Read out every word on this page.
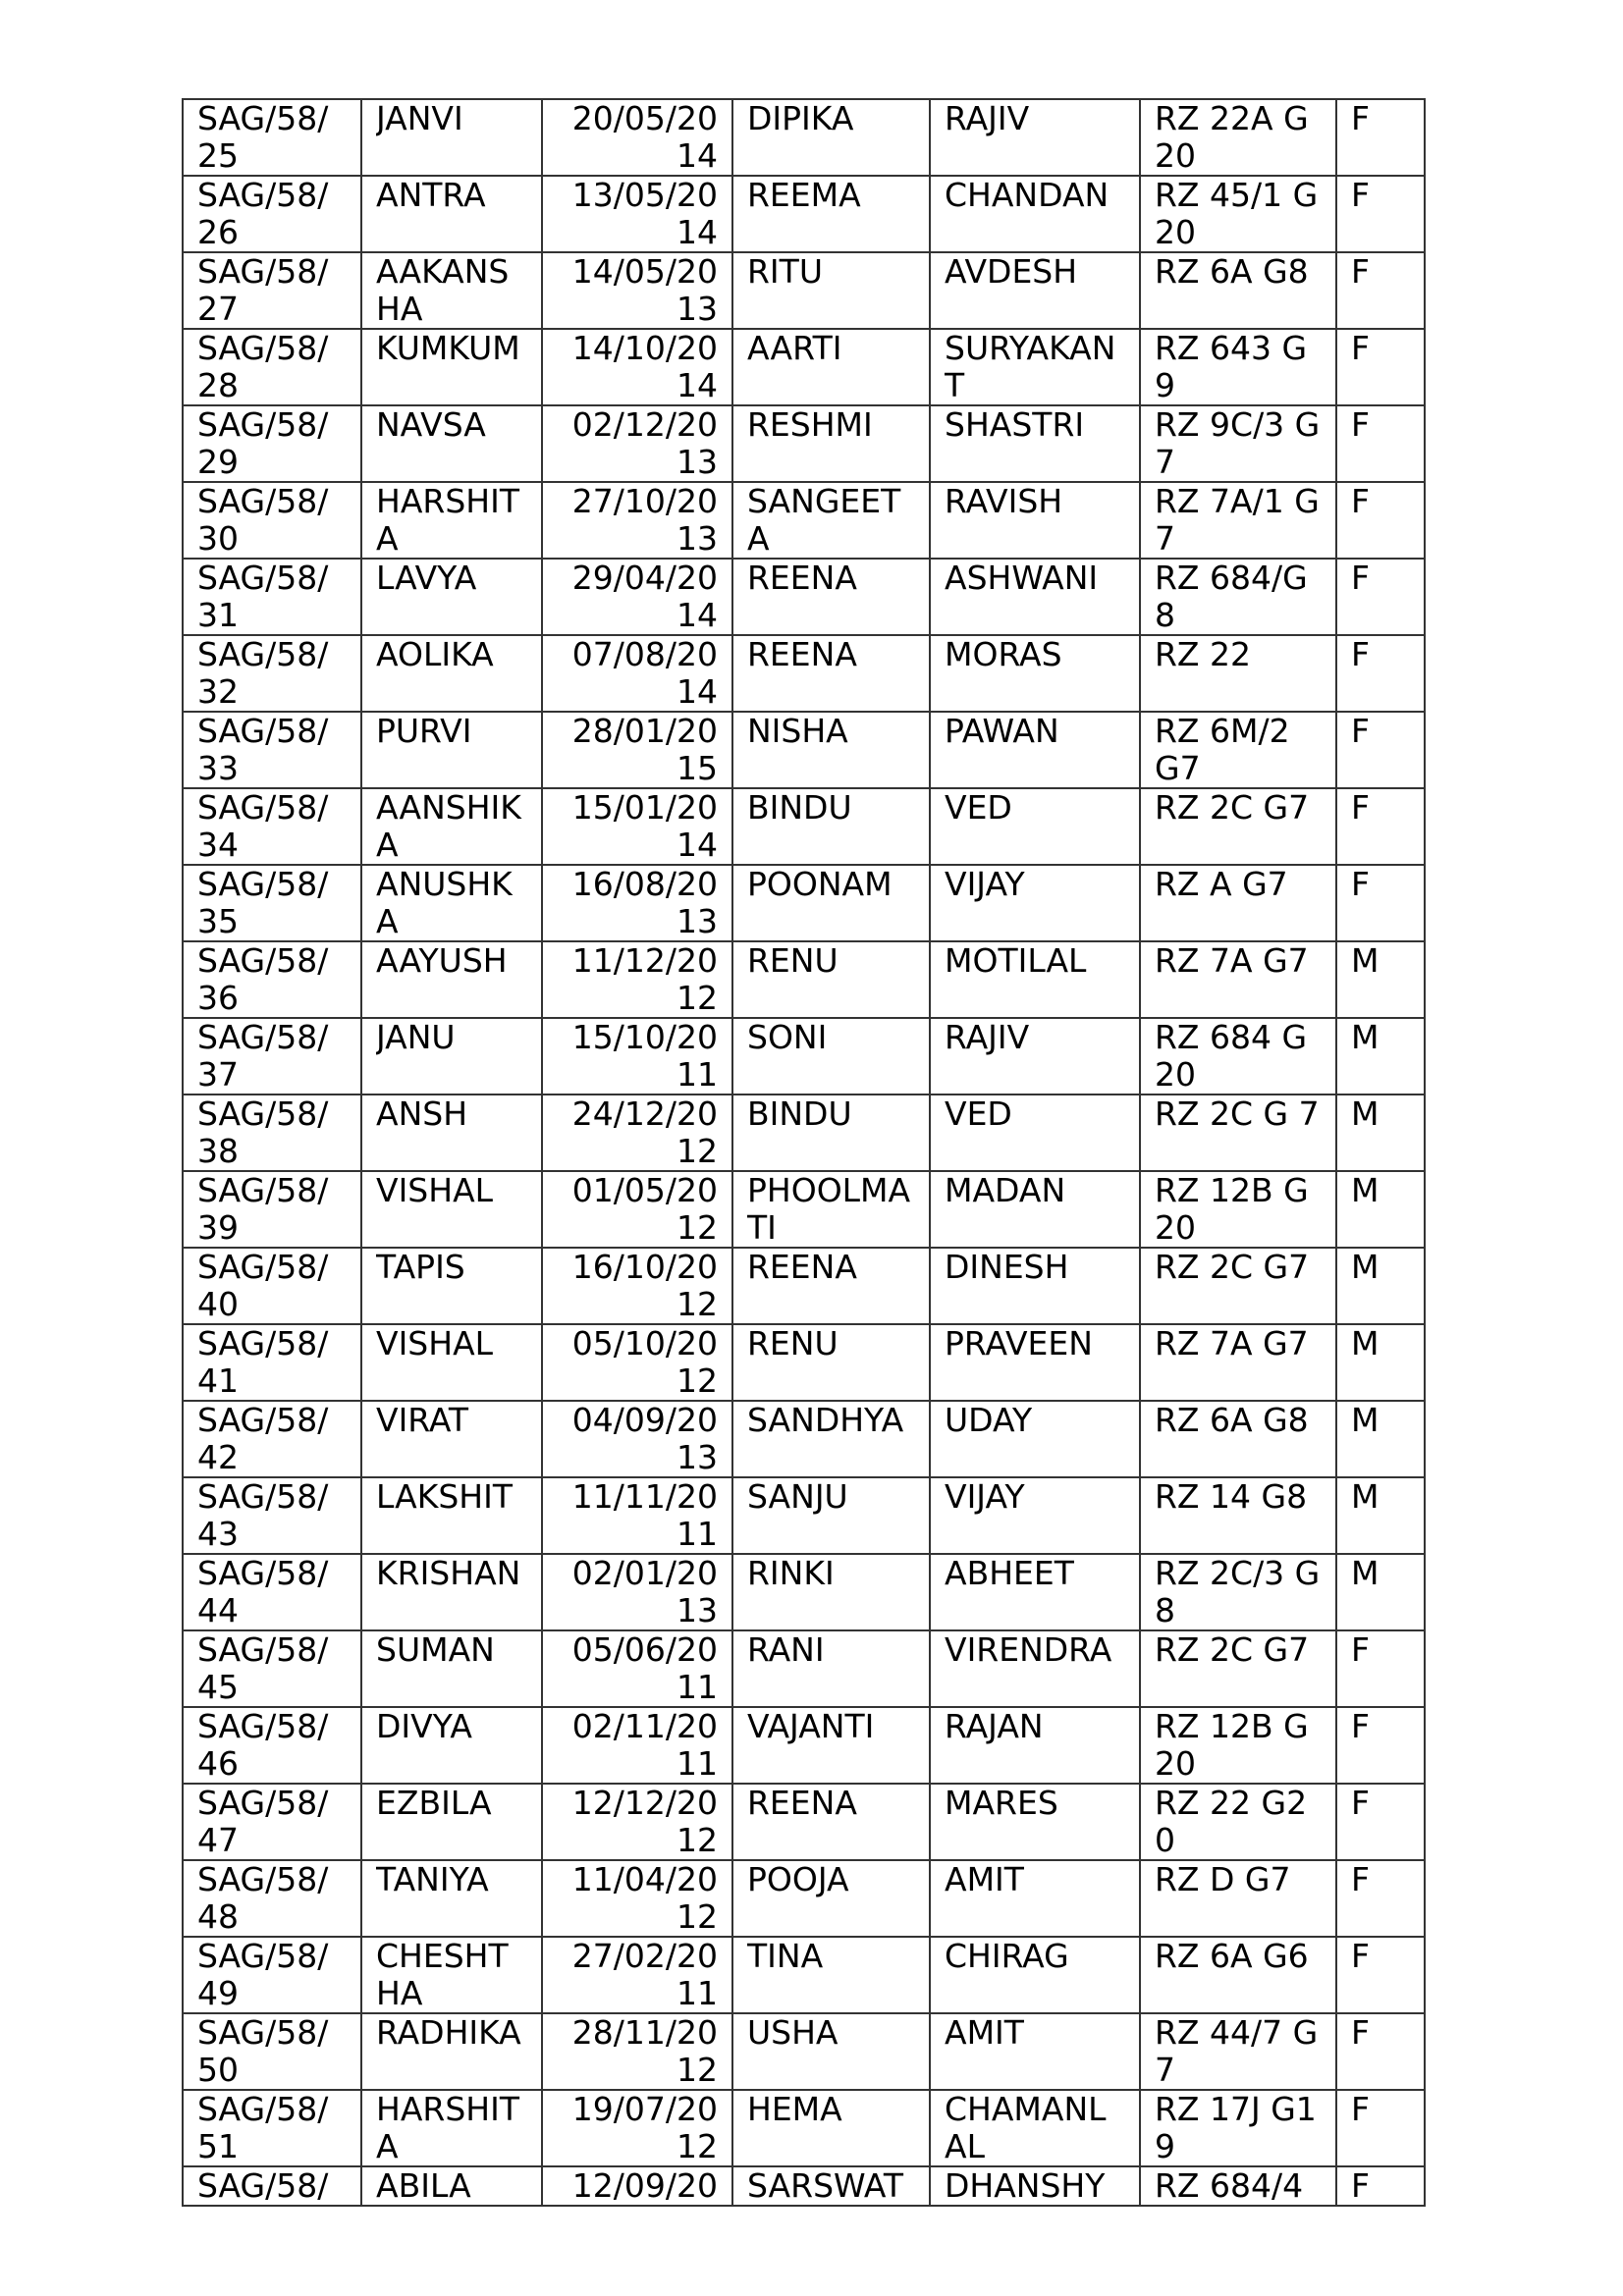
SAG/58/25	JANVI	20/05/2014	DIPIKA	RAJIV	RZ 22A G20	F

SAG/58/26	ANTRA	13/05/2014	REEMA	CHANDAN	RZ 45/1 G20	F

SAG/58/27	AAKANSHA	14/05/2013	RITU	AVDESH	RZ 6A G8	F

SAG/58/28	KUMKUM	14/10/2014	AARTI	SURYAKANT	RZ 643 G9	F

SAG/58/29	NAVSA	02/12/2013	RESHMI	SHASTRI	RZ 9C/3 G7	F

SAG/58/30	HARSHITA	27/10/2013	SANGEETA	RAVISH	RZ 7A/1 G7	F

SAG/58/31	LAVYA	29/04/2014	REENA	ASHWANI	RZ 684/G8	F

SAG/58/32	AOLIKA	07/08/2014	REENA	MORAS	RZ 22	F

SAG/58/33	PURVI	28/01/2015	NISHA	PAWAN	RZ 6M/2 G7	F

SAG/58/34	AANSHIKA	15/01/2014	BINDU	VED	RZ 2C G7	F

SAG/58/35	ANUSHKA	16/08/2013	POONAM	VIJAY	RZ A G7	F

SAG/58/36	AAYUSH	11/12/2012	RENU	MOTILAL	RZ 7A G7	M

SAG/58/37	JANU	15/10/2011	SONI	RAJIV	RZ 684 G20	M

SAG/58/38	ANSH	24/12/2012	BINDU	VED	RZ 2C G 7	M

SAG/58/39	VISHAL	01/05/2012	PHOOLMATI	MADAN	RZ 12B G20	M

SAG/58/40	TAPIS	16/10/2012	REENA	DINESH	RZ 2C G7	M

SAG/58/41	VISHAL	05/10/2012	RENU	PRAVEEN	RZ 7A G7	M

SAG/58/42	VIRAT	04/09/2013	SANDHYA	UDAY	RZ 6A G8	M

SAG/58/43	LAKSHIT	11/11/2011	SANJU	VIJAY	RZ 14 G8	M

SAG/58/44	KRISHAN	02/01/2013	RINKI	ABHEET	RZ 2C/3 G8	M

SAG/58/45	SUMAN	05/06/2011	RANI	VIRENDRA	RZ 2C G7	F

SAG/58/46	DIVYA	02/11/2011	VAJANTI	RAJAN	RZ 12B G20	F

SAG/58/47	EZBILA	12/12/2012	REENA	MARES	RZ 22 G20	F

SAG/58/48	TANIYA	11/04/2012	POOJA	AMIT	RZ D G7	F

SAG/58/49	CHESHTHA	27/02/2011	TINA	CHIRAG	RZ 6A G6	F

SAG/58/50	RADHIKA	28/11/2012	USHA	AMIT	RZ 44/7 G7	F

SAG/58/51	HARSHITA	19/07/2012	HEMA	CHAMANLAL	RZ 17J G19	F

SAG/58/	ABILA	12/09/20	SARSWAT	DHANSHY	RZ 684/4	F
